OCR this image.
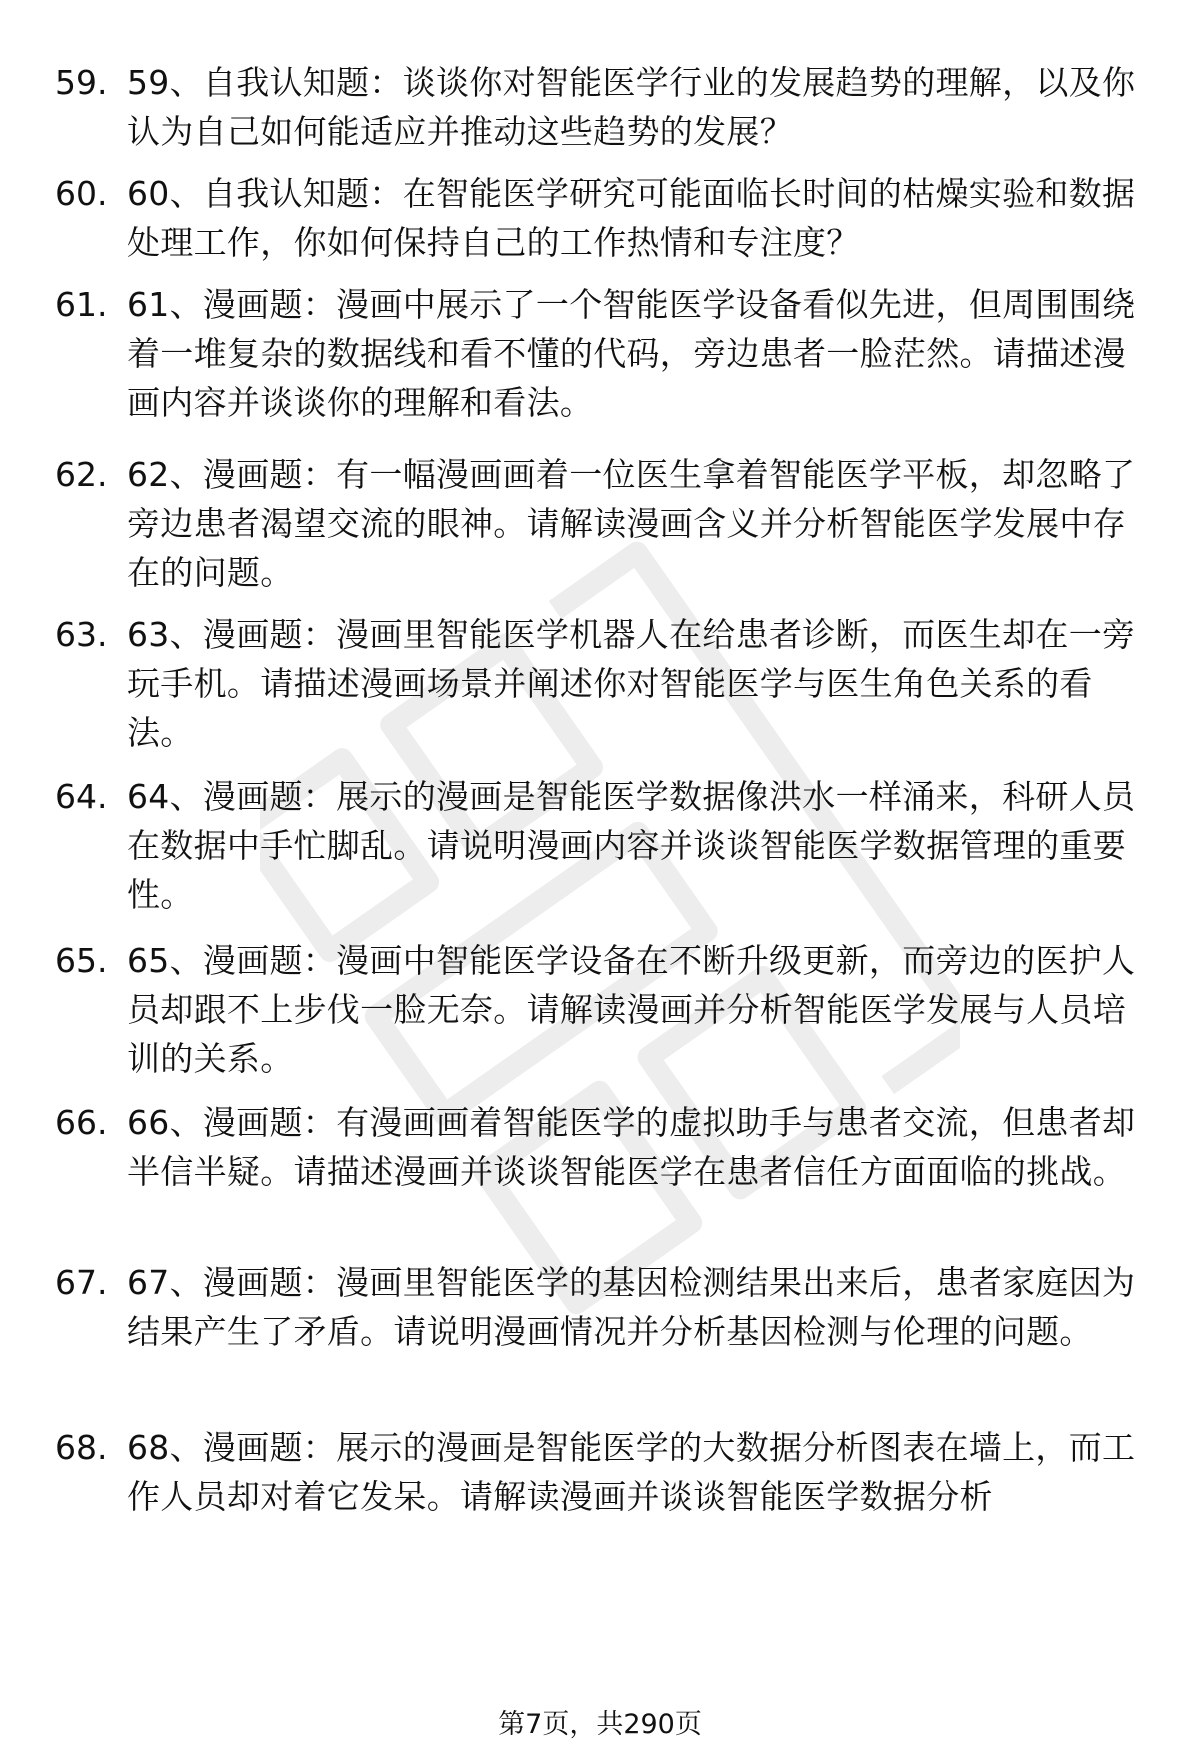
59. 59、自我认知题：谈谈你对智能医学行业的发展趋势的理解，以及你认为自己如何能适应并推动这些趋势的发展？
60. 60、自我认知题：在智能医学研究可能面临长时间的枯燥实验和数据处理工作，你如何保持自己的工作热情和专注度？
61. 61、漫画题：漫画中展示了一个智能医学设备看似先进，但周围围绕着一堆复杂的数据线和看不懂的代码，旁边患者一脸茫然。请描述漫画内容并谈谈你的理解和看法。
62. 62、漫画题：有一幅漫画画着一位医生拿着智能医学平板，却忽略了旁边患者渴望交流的眼神。请解读漫画含义并分析智能医学发展中存在的问题。
63. 63、漫画题：漫画里智能医学机器人在给患者诊断，而医生却在一旁玩手机。请描述漫画场景并阐述你对智能医学与医生角色关系的看法。
64. 64、漫画题：展示的漫画是智能医学数据像洪水一样涌来，科研人员在数据中手忙脚乱。请说明漫画内容并谈谈智能医学数据管理的重要性。
65. 65、漫画题：漫画中智能医学设备在不断升级更新，而旁边的医护人员却跟不上步伐一脸无奈。请解读漫画并分析智能医学发展与人员培训的关系。
66. 66、漫画题：有漫画画着智能医学的虚拟助手与患者交流，但患者却半信半疑。请描述漫画并谈谈智能医学在患者信任方面面临的挑战。
67. 67、漫画题：漫画里智能医学的基因检测结果出来后，患者家庭因为结果产生了矛盾。请说明漫画情况并分析基因检测与伦理的问题。
68. 68、漫画题：展示的漫画是智能医学的大数据分析图表在墙上，而工作人员却对着它发呆。请解读漫画并谈谈智能医学数据分析
第7页，共290页
